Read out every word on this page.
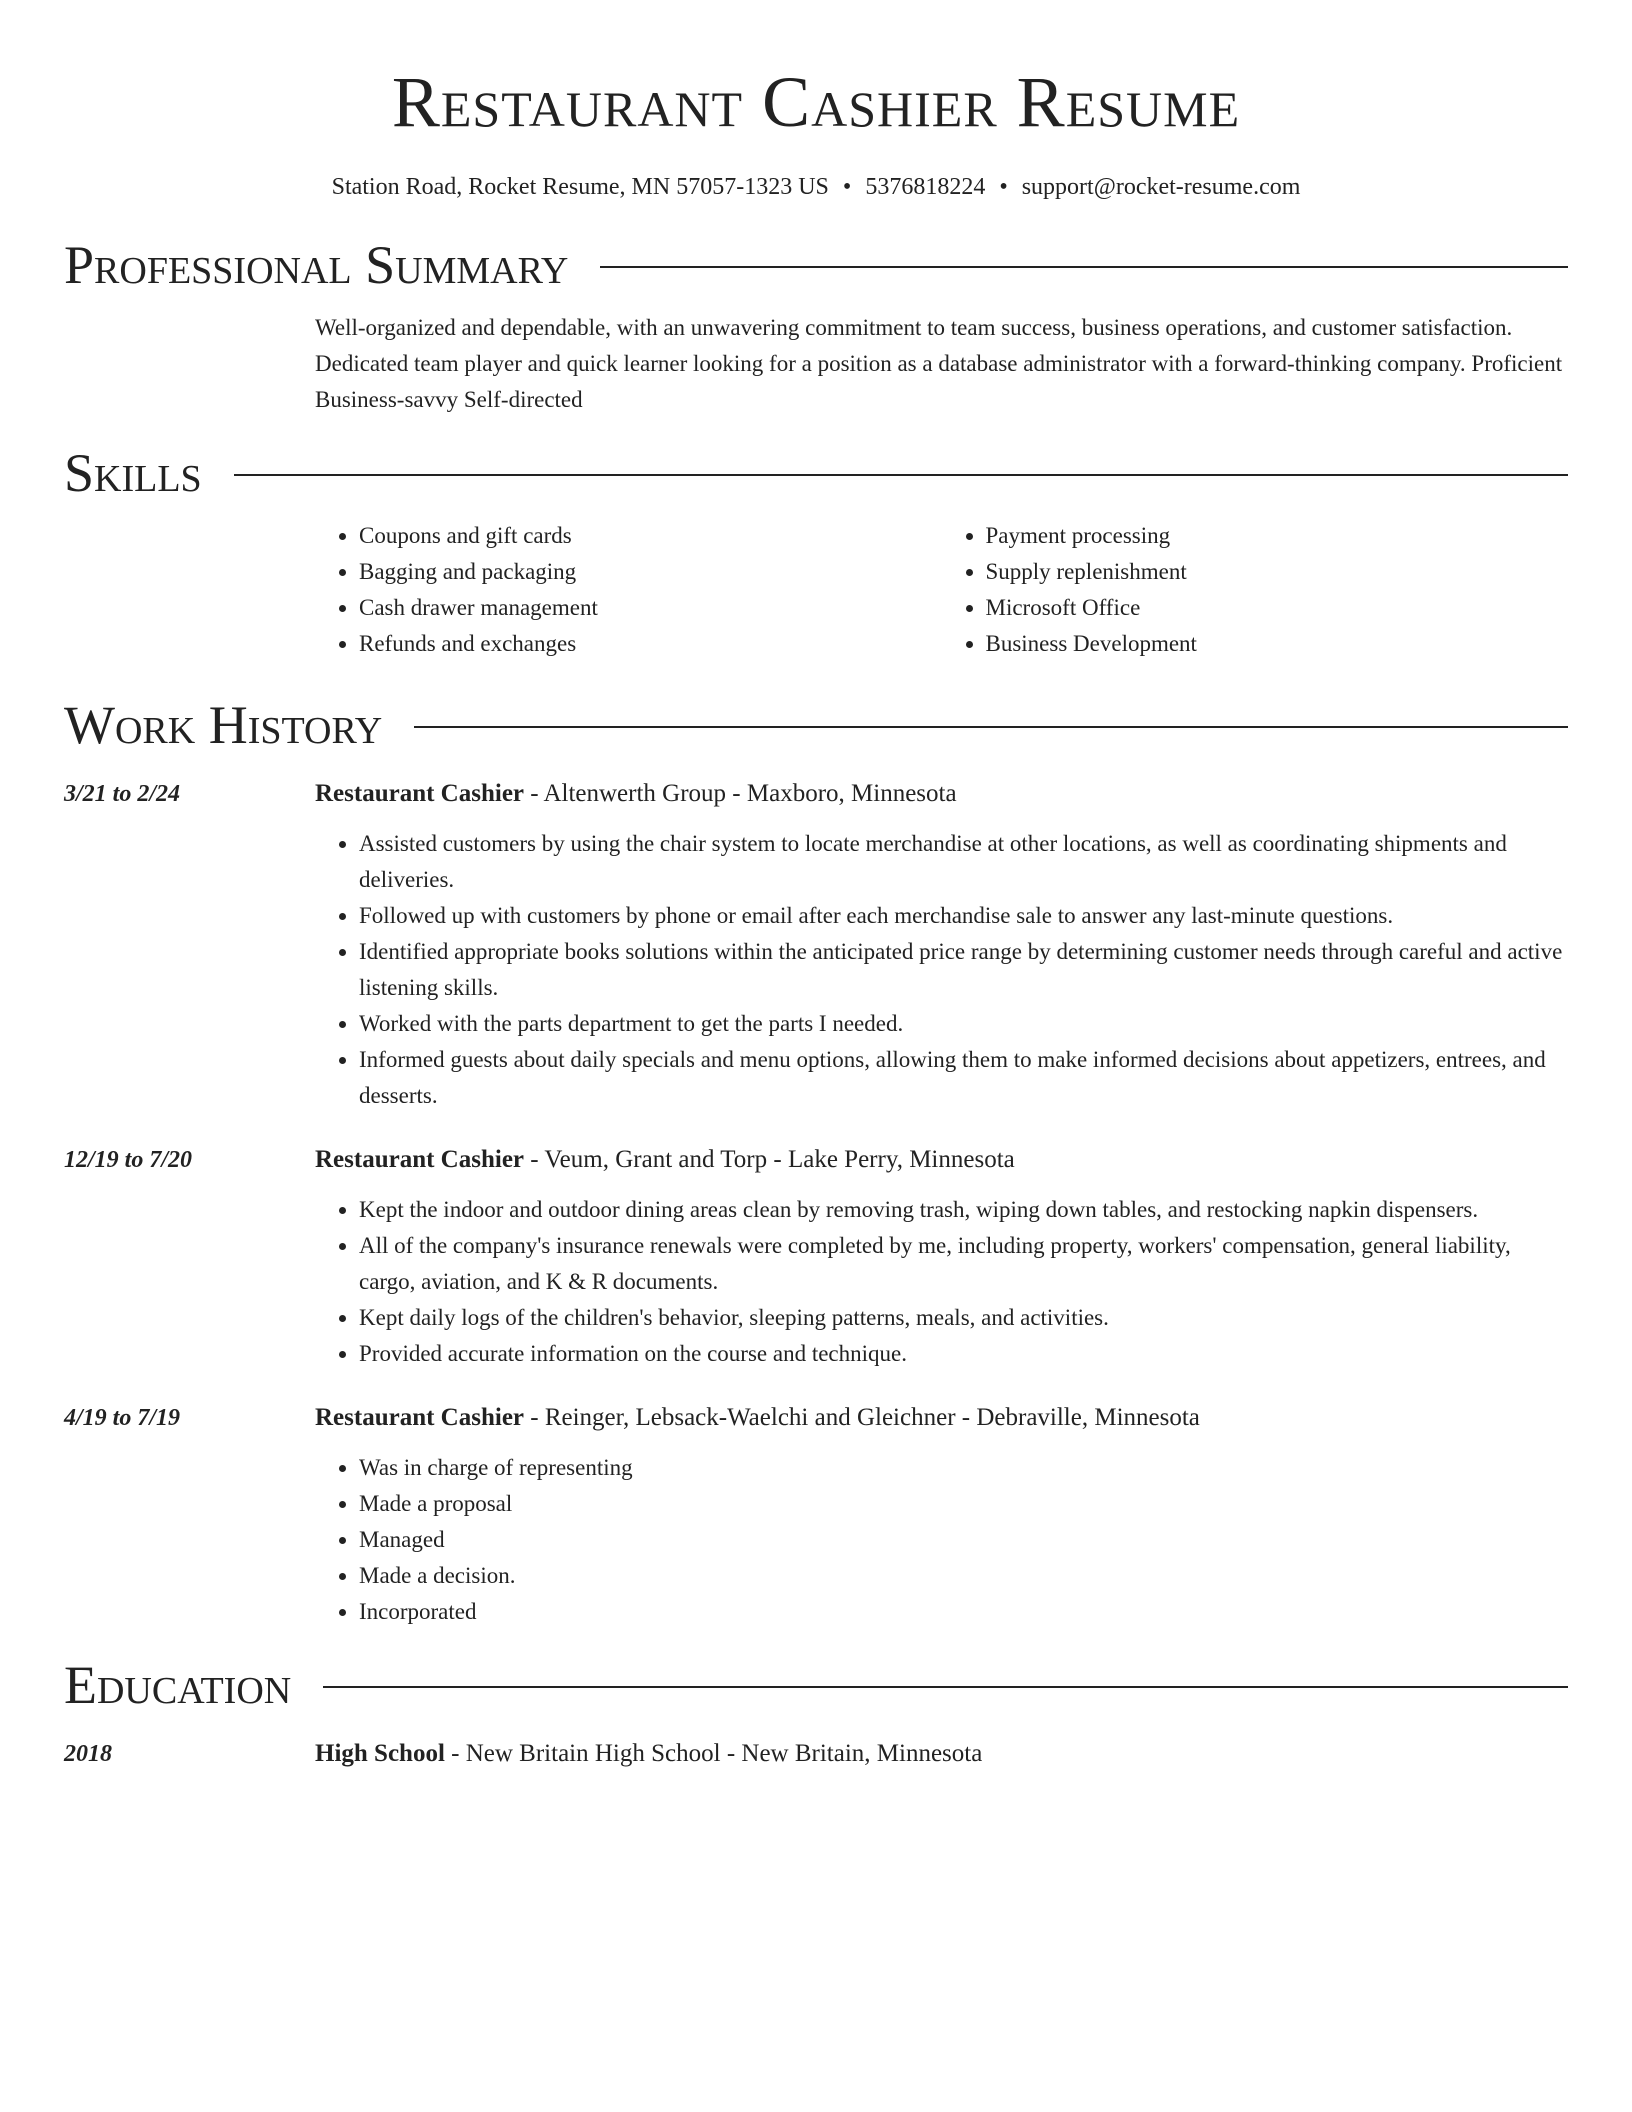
Restaurant Cashier Resume
Station Road, Rocket Resume, MN 57057-1323 US • 5376818224 • support@rocket-resume.com
Professional Summary

Well-organized and dependable, with an unwavering commitment to team success, business operations, and customer satisfaction. Dedicated team player and quick learner looking for a position as a database administrator with a forward-thinking company. Proficient Business-savvy Self-directed

Skills
• Coupons and gift cards
• Bagging and packaging
• Cash drawer management
• Refunds and exchanges
• Payment processing
• Supply replenishment
• Microsoft Office
• Business Development
Work History
3/21 to 2/24	Restaurant Cashier - Altenwerth Group - Maxboro, Minnesota
• Assisted customers by using the chair system to locate merchandise at other locations, as well as coordinating shipments and deliveries.
• Followed up with customers by phone or email after each merchandise sale to answer any last-minute questions.
• Identified appropriate books solutions within the anticipated price range by determining customer needs through careful and active listening skills.
• Worked with the parts department to get the parts I needed.
• Informed guests about daily specials and menu options, allowing them to make informed decisions about appetizers, entrees, and desserts.
12/19 to 7/20	Restaurant Cashier - Veum, Grant and Torp - Lake Perry, Minnesota
• Kept the indoor and outdoor dining areas clean by removing trash, wiping down tables, and restocking napkin dispensers.
• All of the company's insurance renewals were completed by me, including property, workers' compensation, general liability, cargo, aviation, and K & R documents.
• Kept daily logs of the children's behavior, sleeping patterns, meals, and activities.
• Provided accurate information on the course and technique.
4/19 to 7/19	Restaurant Cashier - Reinger, Lebsack-Waelchi and Gleichner - Debraville, Minnesota
• Was in charge of representing
• Made a proposal
• Managed
• Made a decision.
• Incorporated
Education
2018	High School - New Britain High School - New Britain, Minnesota
